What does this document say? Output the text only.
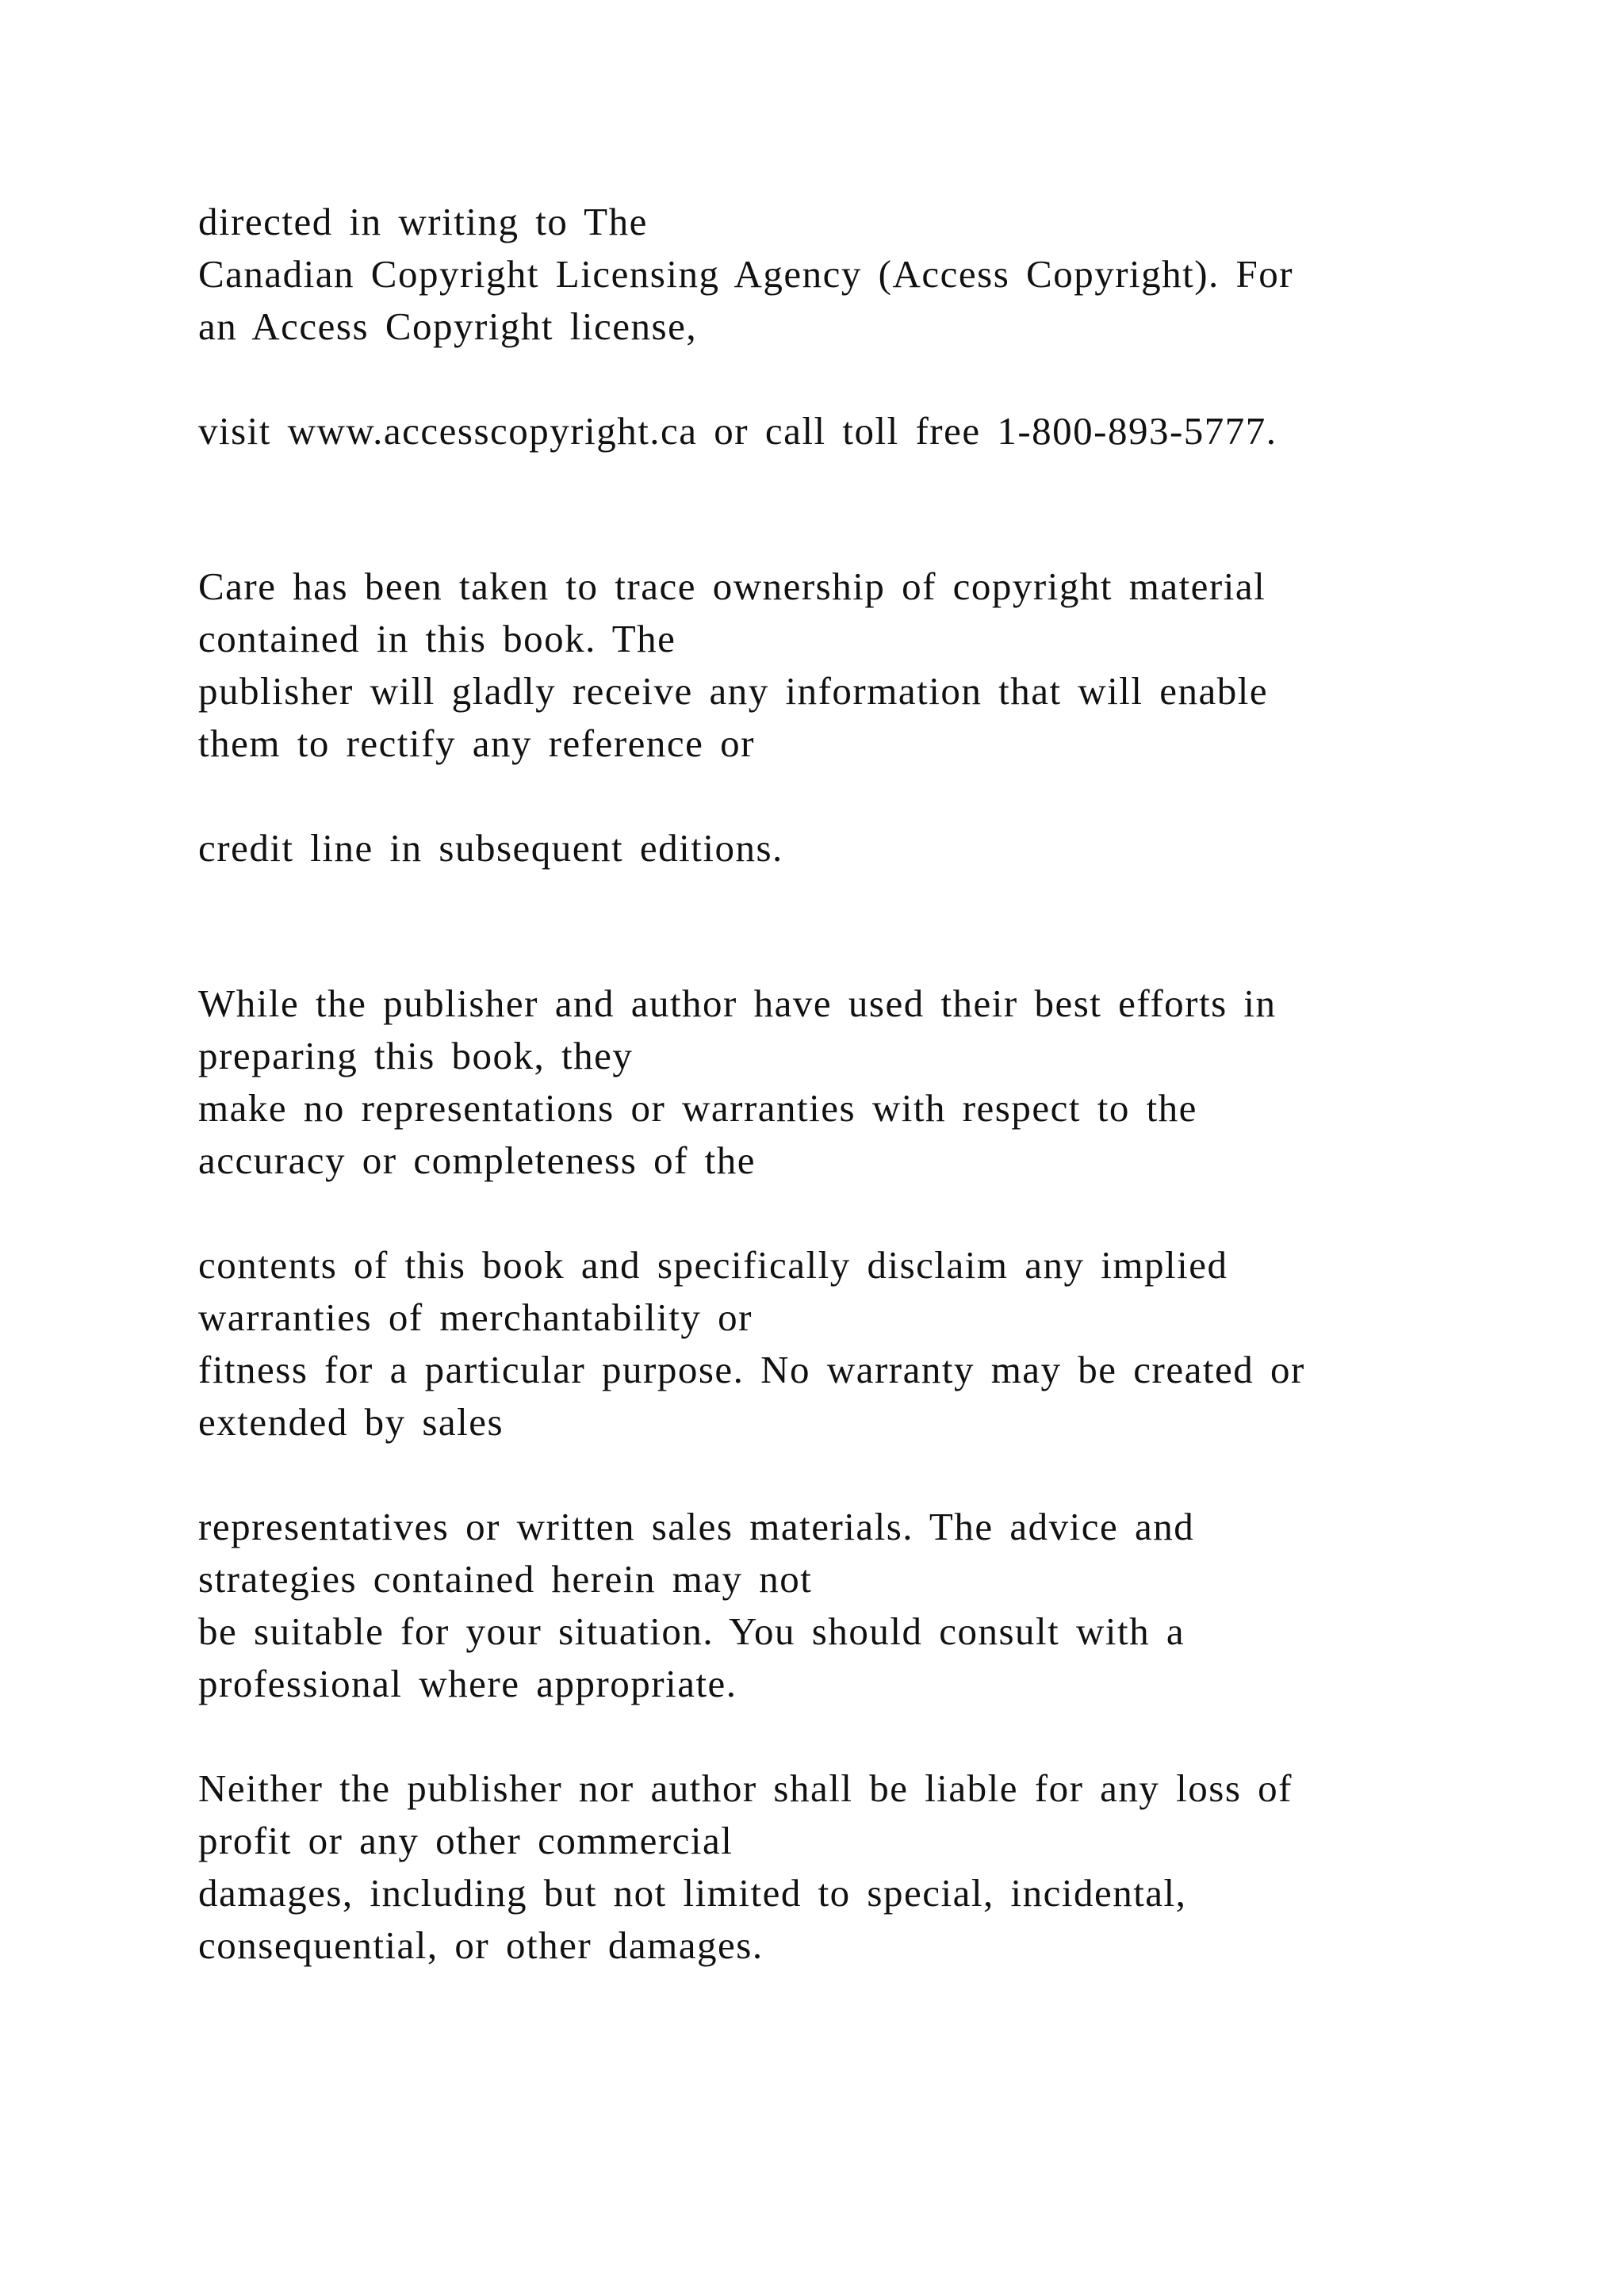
directed in writing to The

Canadian Copyright Licensing Agency (Access Copyright). For

an Access Copyright license,

visit www.accesscopyright.ca or call toll free 1-800-893-5777.

Care has been taken to trace ownership of copyright material

contained in this book. The

publisher will gladly receive any information that will enable

them to rectify any reference or

credit line in subsequent editions.

While the publisher and author have used their best efforts in

preparing this book, they

make no representations or warranties with respect to the

accuracy or completeness of the

contents of this book and specifically disclaim any implied

warranties of merchantability or

fitness for a particular purpose. No warranty may be created or

extended by sales

representatives or written sales materials. The advice and

strategies contained herein may not

be suitable for your situation. You should consult with a

professional where appropriate.

Neither the publisher nor author shall be liable for any loss of

profit or any other commercial

damages, including but not limited to special, incidental,

consequential, or other damages.
